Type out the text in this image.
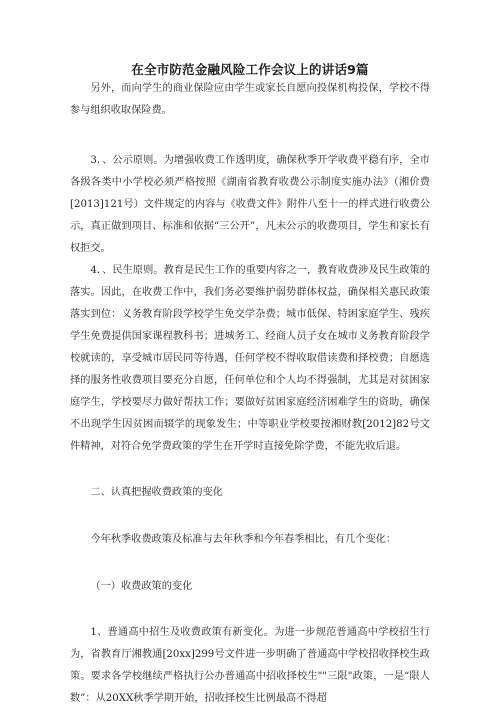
在全市防范金融风险工作会议上的讲话9篇

另外，而向学生的商业保险应由学生或家长自愿向投保机构投保，学校不得参与组织收取保险费。

3．、公示原则。为增强收费工作透明度，确保秋季开学收费平稳有序，全市各级各类中小学校必须严格按照《湖南省教育收费公示制度实施办法》（湘价费[2013]121号）文件规定的内容与《收费文件》附件八至十一的样式进行收费公示，真正做到项目、标准和依据“三公开”，凡未公示的收费项目，学生和家长有权拒交。

4．、民生原则。教育是民生工作的重要内容之一，教育收费涉及民生政策的落实。因此，在收费工作中，我们务必要维护弱势群体权益，确保相关惠民政策落实到位：义务教育阶段学校学生免交学杂费；城市低保、特困家庭学生、残疾学生免费提供国家课程教科书；进城务工、经商人员子女在城市义务教育阶段学校就读的，享受城市居民同等待遇，任何学校不得收取借读费和择校费；自愿选择的服务性收费项目要充分自愿，任何单位和个人均不得强制，尤其是对贫困家庭学生，学校要尽力做好帮扶工作；要做好贫困家庭经济困难学生的资助，确保不出现学生因贫困而辍学的现象发生；中等职业学校要按湘财教[2012]82号文件精神，对符合免学费政策的学生在开学时直接免除学费，不能先收后退。

二、认真把握收费政策的变化

今年秋季收费政策及标准与去年秋季和今年春季相比，有几个变化：

（一）收费政策的变化

1、普通高中招生及收费政策有新变化。为进一步规范普通高中学校招生行为，省教育厅湘教通[20xx]299号文件进一步明确了普通高中学校招收择校生政策。要求各学校继续严格执行公办普通高中招收择校生""三限"政策，一是“限人数”：从20XX秋季学期开始，招收择校生比例最高不得超
